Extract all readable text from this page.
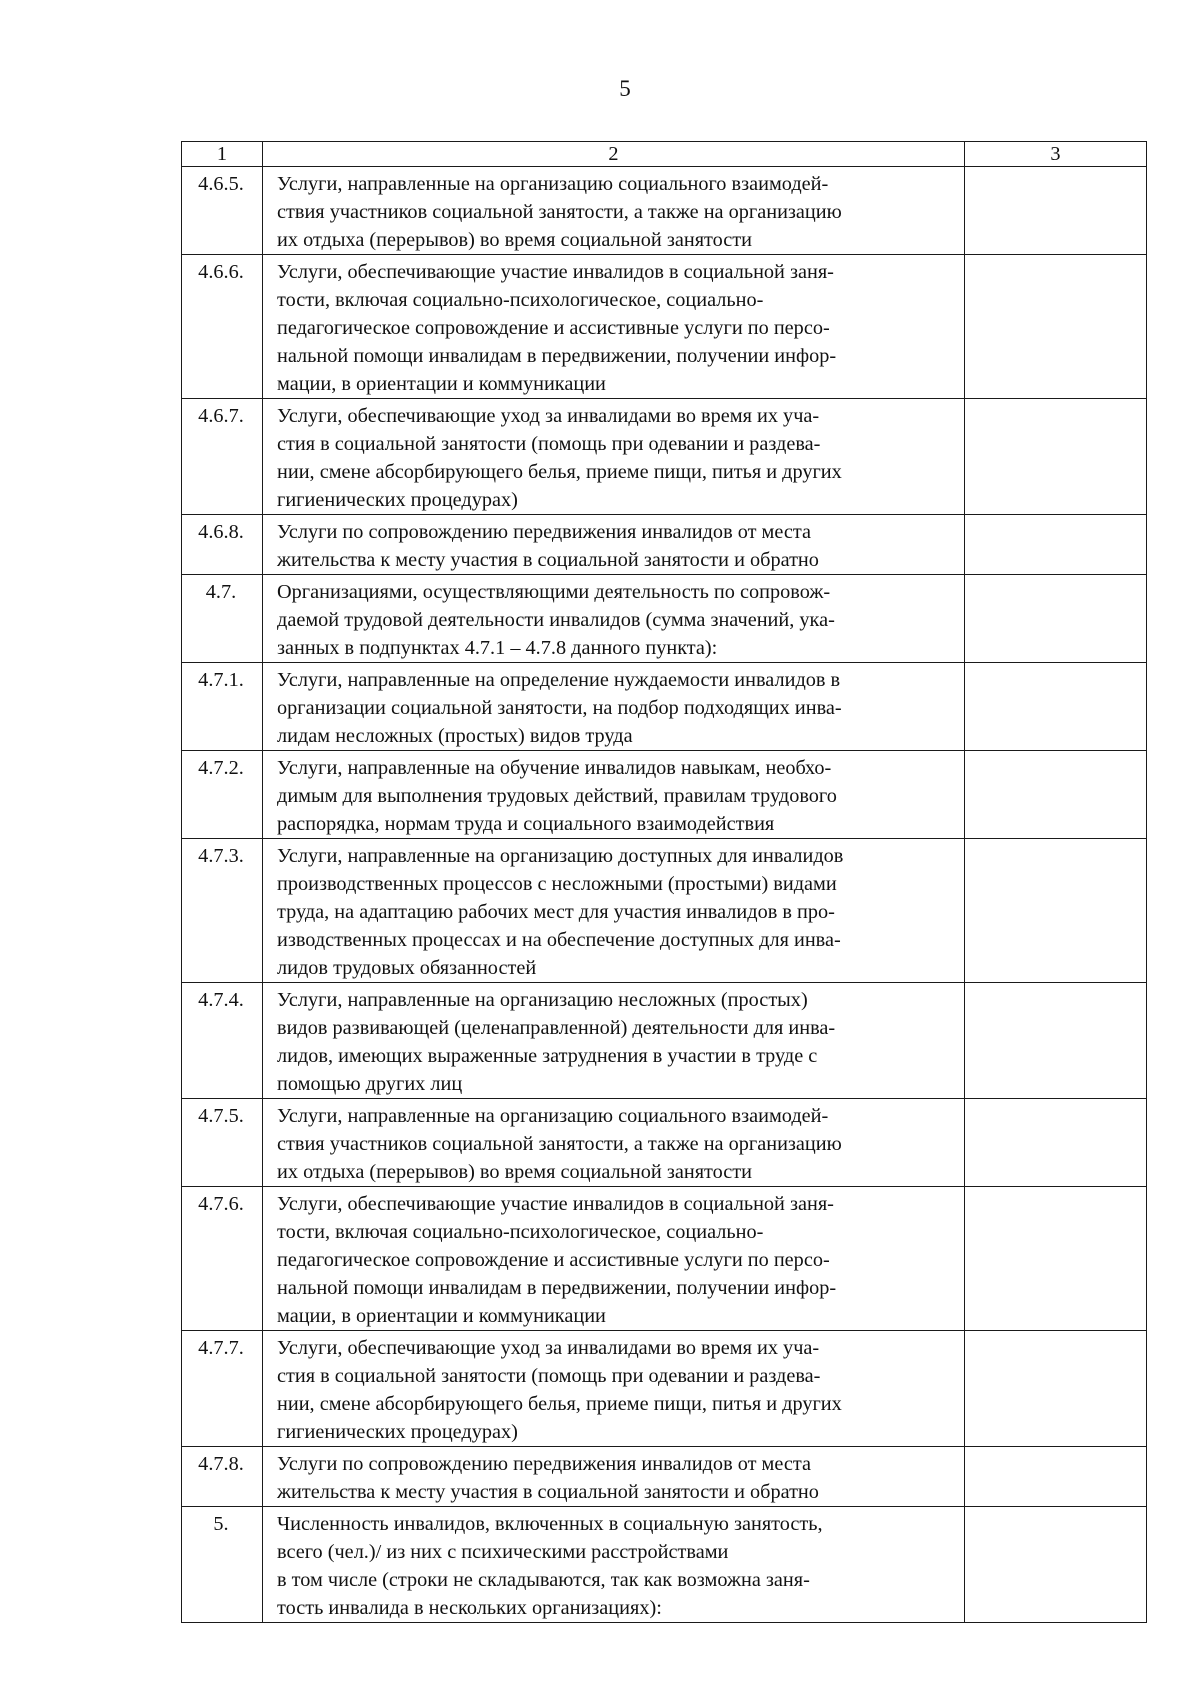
5
1	2	3
4.6.5.	Услуги, направленные на организацию социального взаимодей-
ствия участников социальной занятости, а также на организацию
их отдыха (перерывов) во время социальной занятости	

4.6.6.	Услуги, обеспечивающие участие инвалидов в социальной заня-
тости, включая социально-психологическое, социально-
педагогическое сопровождение и ассистивные услуги по персо-
нальной помощи инвалидам в передвижении, получении инфор-
мации, в ориентации и коммуникации	

4.6.7.	Услуги, обеспечивающие уход за инвалидами во время их уча-
стия в социальной занятости (помощь при одевании и раздева-
нии, смене абсорбирующего белья, приеме пищи, питья и других
гигиенических процедурах)	

4.6.8.	Услуги по сопровождению передвижения инвалидов от места
жительства к месту участия в социальной занятости и обратно	

4.7.	Организациями, осуществляющими деятельность по сопровож-
даемой трудовой деятельности инвалидов (сумма значений, ука-
занных в подпунктах 4.7.1 – 4.7.8 данного пункта):	

4.7.1.	Услуги, направленные на определение нуждаемости инвалидов в
организации социальной занятости, на подбор подходящих инва-
лидам несложных (простых) видов труда	

4.7.2.	Услуги, направленные на обучение инвалидов навыкам, необхо-
димым для выполнения трудовых действий, правилам трудового
распорядка, нормам труда и социального взаимодействия	

4.7.3.	Услуги, направленные на организацию доступных для инвалидов
производственных процессов с несложными (простыми) видами
труда, на адаптацию рабочих мест для участия инвалидов в про-
изводственных процессах и на обеспечение доступных для инва-
лидов трудовых обязанностей	

4.7.4.	Услуги, направленные на организацию несложных (простых)
видов развивающей (целенаправленной) деятельности для инва-
лидов, имеющих выраженные затруднения в участии в труде с
помощью других лиц	

4.7.5.	Услуги, направленные на организацию социального взаимодей-
ствия участников социальной занятости, а также на организацию
их отдыха (перерывов) во время социальной занятости	

4.7.6.	Услуги, обеспечивающие участие инвалидов в социальной заня-
тости, включая социально-психологическое, социально-
педагогическое сопровождение и ассистивные услуги по персо-
нальной помощи инвалидам в передвижении, получении инфор-
мации, в ориентации и коммуникации	

4.7.7.	Услуги, обеспечивающие уход за инвалидами во время их уча-
стия в социальной занятости (помощь при одевании и раздева-
нии, смене абсорбирующего белья, приеме пищи, питья и других
гигиенических процедурах)	

4.7.8.	Услуги по сопровождению передвижения инвалидов от места
жительства к месту участия в социальной занятости и обратно	

5.	Численность инвалидов, включенных в социальную занятость,
всего (чел.)/ из них с психическими расстройствами
в том числе (строки не складываются, так как возможна заня-
тость инвалида в нескольких организациях):	
